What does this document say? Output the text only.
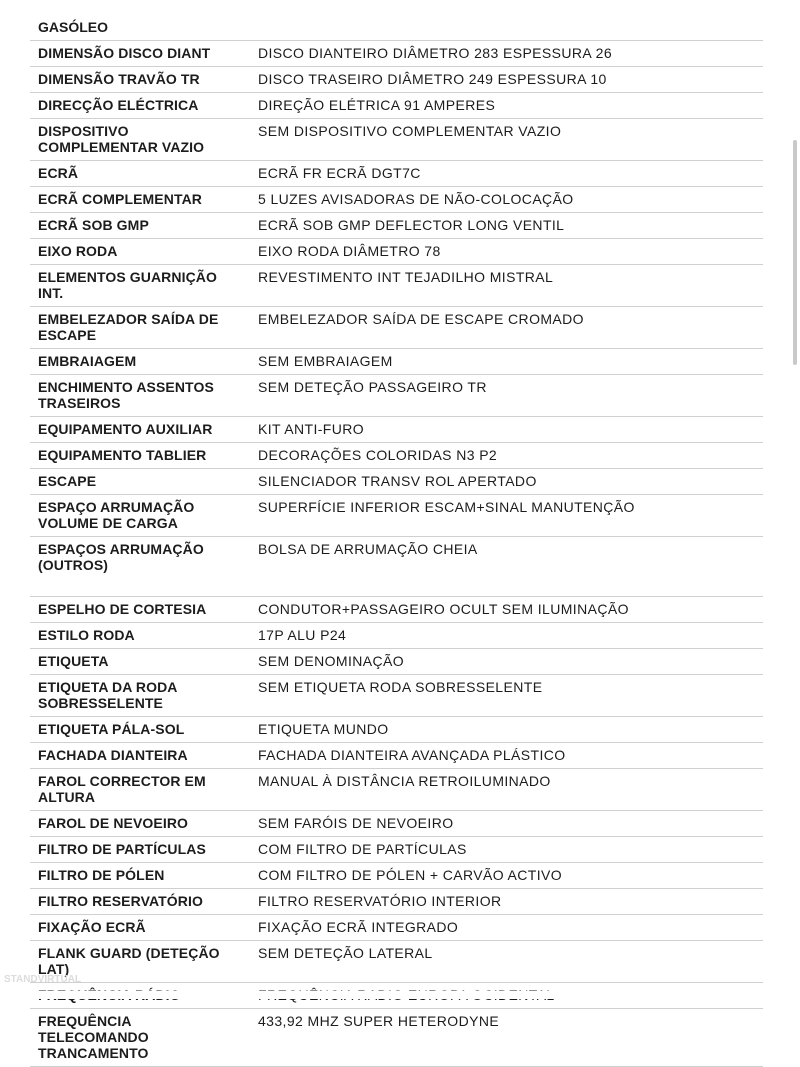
GASÓLEO
DIMENSÃO DISCO DIANT	DISCO DIANTEIRO DIÂMETRO 283 ESPESSURA 26
DIMENSÃO TRAVÃO TR	DISCO TRASEIRO DIÂMETRO 249 ESPESSURA 10
DIRECÇÃO ELÉCTRICA	DIREÇÃO ELÉTRICA 91 AMPERES
DISPOSITIVO COMPLEMENTAR VAZIO	SEM DISPOSITIVO COMPLEMENTAR VAZIO
ECRÃ	ECRÃ FR ECRÃ DGT7C
ECRÃ COMPLEMENTAR	5 LUZES AVISADORAS DE NÃO-COLOCAÇÃO
ECRÃ SOB GMP	ECRÃ SOB GMP DEFLECTOR LONG VENTIL
EIXO RODA	EIXO RODA DIÂMETRO 78
ELEMENTOS GUARNIÇÃO INT.	REVESTIMENTO INT TEJADILHO MISTRAL
EMBELEZADOR SAÍDA DE ESCAPE	EMBELEZADOR SAÍDA DE ESCAPE CROMADO
EMBRAIAGEM	SEM EMBRAIAGEM
ENCHIMENTO ASSENTOS TRASEIROS	SEM DETEÇÃO PASSAGEIRO TR
EQUIPAMENTO AUXILIAR	KIT ANTI-FURO
EQUIPAMENTO TABLIER	DECORAÇÕES COLORIDAS N3 P2
ESCAPE	SILENCIADOR TRANSV ROL APERTADO
ESPAÇO ARRUMAÇÃO VOLUME DE CARGA	SUPERFÍCIE INFERIOR ESCAM+SINAL MANUTENÇÃO
ESPAÇOS ARRUMAÇÃO (OUTROS)	BOLSA DE ARRUMAÇÃO CHEIA
ESPELHO DE CORTESIA	CONDUTOR+PASSAGEIRO OCULT SEM ILUMINAÇÃO
ESTILO RODA	17P ALU P24
ETIQUETA	SEM DENOMINAÇÃO
ETIQUETA DA RODA SOBRESSELENTE	SEM ETIQUETA RODA SOBRESSELENTE
ETIQUETA PÁLA-SOL	ETIQUETA MUNDO
FACHADA DIANTEIRA	FACHADA DIANTEIRA AVANÇADA PLÁSTICO
FAROL CORRECTOR EM ALTURA	MANUAL À DISTÂNCIA RETROILUMINADO
FAROL DE NEVOEIRO	SEM FARÓIS DE NEVOEIRO
FILTRO DE PARTÍCULAS	COM FILTRO DE PARTÍCULAS
FILTRO DE PÓLEN	COM FILTRO DE PÓLEN + CARVÃO ACTIVO
FILTRO RESERVATÓRIO	FILTRO RESERVATÓRIO INTERIOR
FIXAÇÃO ECRÃ	FIXAÇÃO ECRÃ INTEGRADO
FLANK GUARD (DETEÇÃO LAT)	SEM DETEÇÃO LATERAL

FREQUÊNCIA TELECOMANDO TRANCAMENTO	433,92 MHZ SUPER HETERODYNE
STANDVIRTUAL
